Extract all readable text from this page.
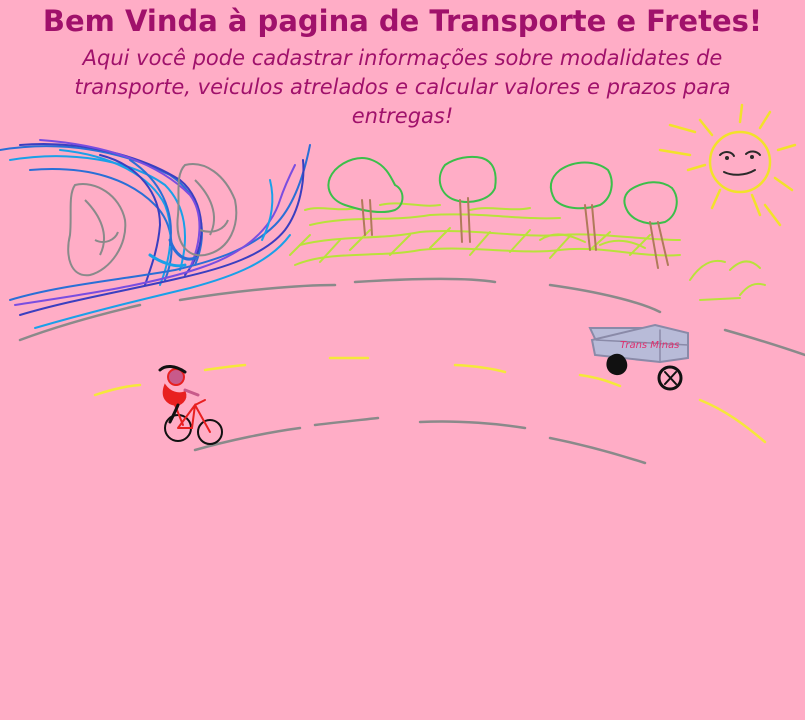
Bem Vinda à pagina de Transporte e Fretes!

Aqui você pode cadastrar informações sobre modalidates de transporte, veiculos atrelados e calcular valores e prazos para entregas!

Trans Minas
